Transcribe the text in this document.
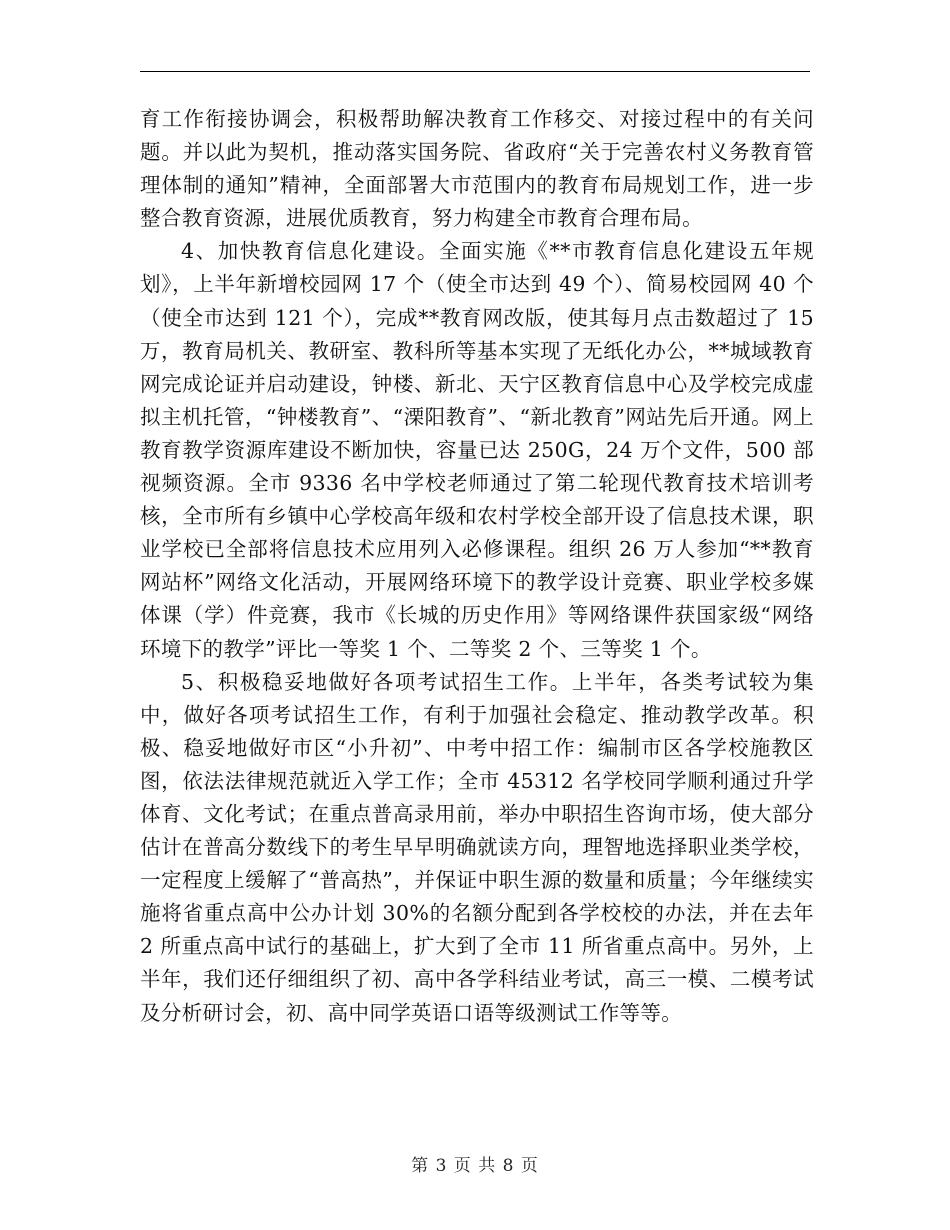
育工作衔接协调会，积极帮助解决教育工作移交、对接过程中的有关问题。并以此为契机，推动落实国务院、省政府“关于完善农村义务教育管理体制的通知”精神，全面部署大市范围内的教育布局规划工作，进一步整合教育资源，进展优质教育，努力构建全市教育合理布局。

4、加快教育信息化建设。全面实施《**市教育信息化建设五年规划》，上半年新增校园网 17 个（使全市达到 49 个）、简易校园网 40 个（使全市达到 121 个），完成**教育网改版，使其每月点击数超过了 15 万，教育局机关、教研室、教科所等基本实现了无纸化办公，**城域教育网完成论证并启动建设，钟楼、新北、天宁区教育信息中心及学校完成虚拟主机托管，“钟楼教育”、“溧阳教育”、“新北教育”网站先后开通。网上教育教学资源库建设不断加快，容量已达 250G，24 万个文件，500 部视频资源。全市 9336 名中学校老师通过了第二轮现代教育技术培训考核，全市所有乡镇中心学校高年级和农村学校全部开设了信息技术课，职业学校已全部将信息技术应用列入必修课程。组织 26 万人参加“**教育网站杯”网络文化活动，开展网络环境下的教学设计竞赛、职业学校多媒体课（学）件竞赛，我市《长城的历史作用》等网络课件获国家级“网络环境下的教学”评比一等奖 1 个、二等奖 2 个、三等奖 1 个。

5、积极稳妥地做好各项考试招生工作。上半年，各类考试较为集中，做好各项考试招生工作，有利于加强社会稳定、推动教学改革。积极、稳妥地做好市区“小升初”、中考中招工作：编制市区各学校施教区图，依法法律规范就近入学工作；全市 45312 名学校同学顺利通过升学体育、文化考试；在重点普高录用前，举办中职招生咨询市场，使大部分估计在普高分数线下的考生早早明确就读方向，理智地选择职业类学校，一定程度上缓解了“普高热”，并保证中职生源的数量和质量；今年继续实施将省重点高中公办计划 30%的名额分配到各学校校的办法，并在去年 2 所重点高中试行的基础上，扩大到了全市 11 所省重点高中。另外，上半年，我们还仔细组织了初、高中各学科结业考试，高三一模、二模考试及分析研讨会，初、高中同学英语口语等级测试工作等等。

第 3 页 共 8 页
